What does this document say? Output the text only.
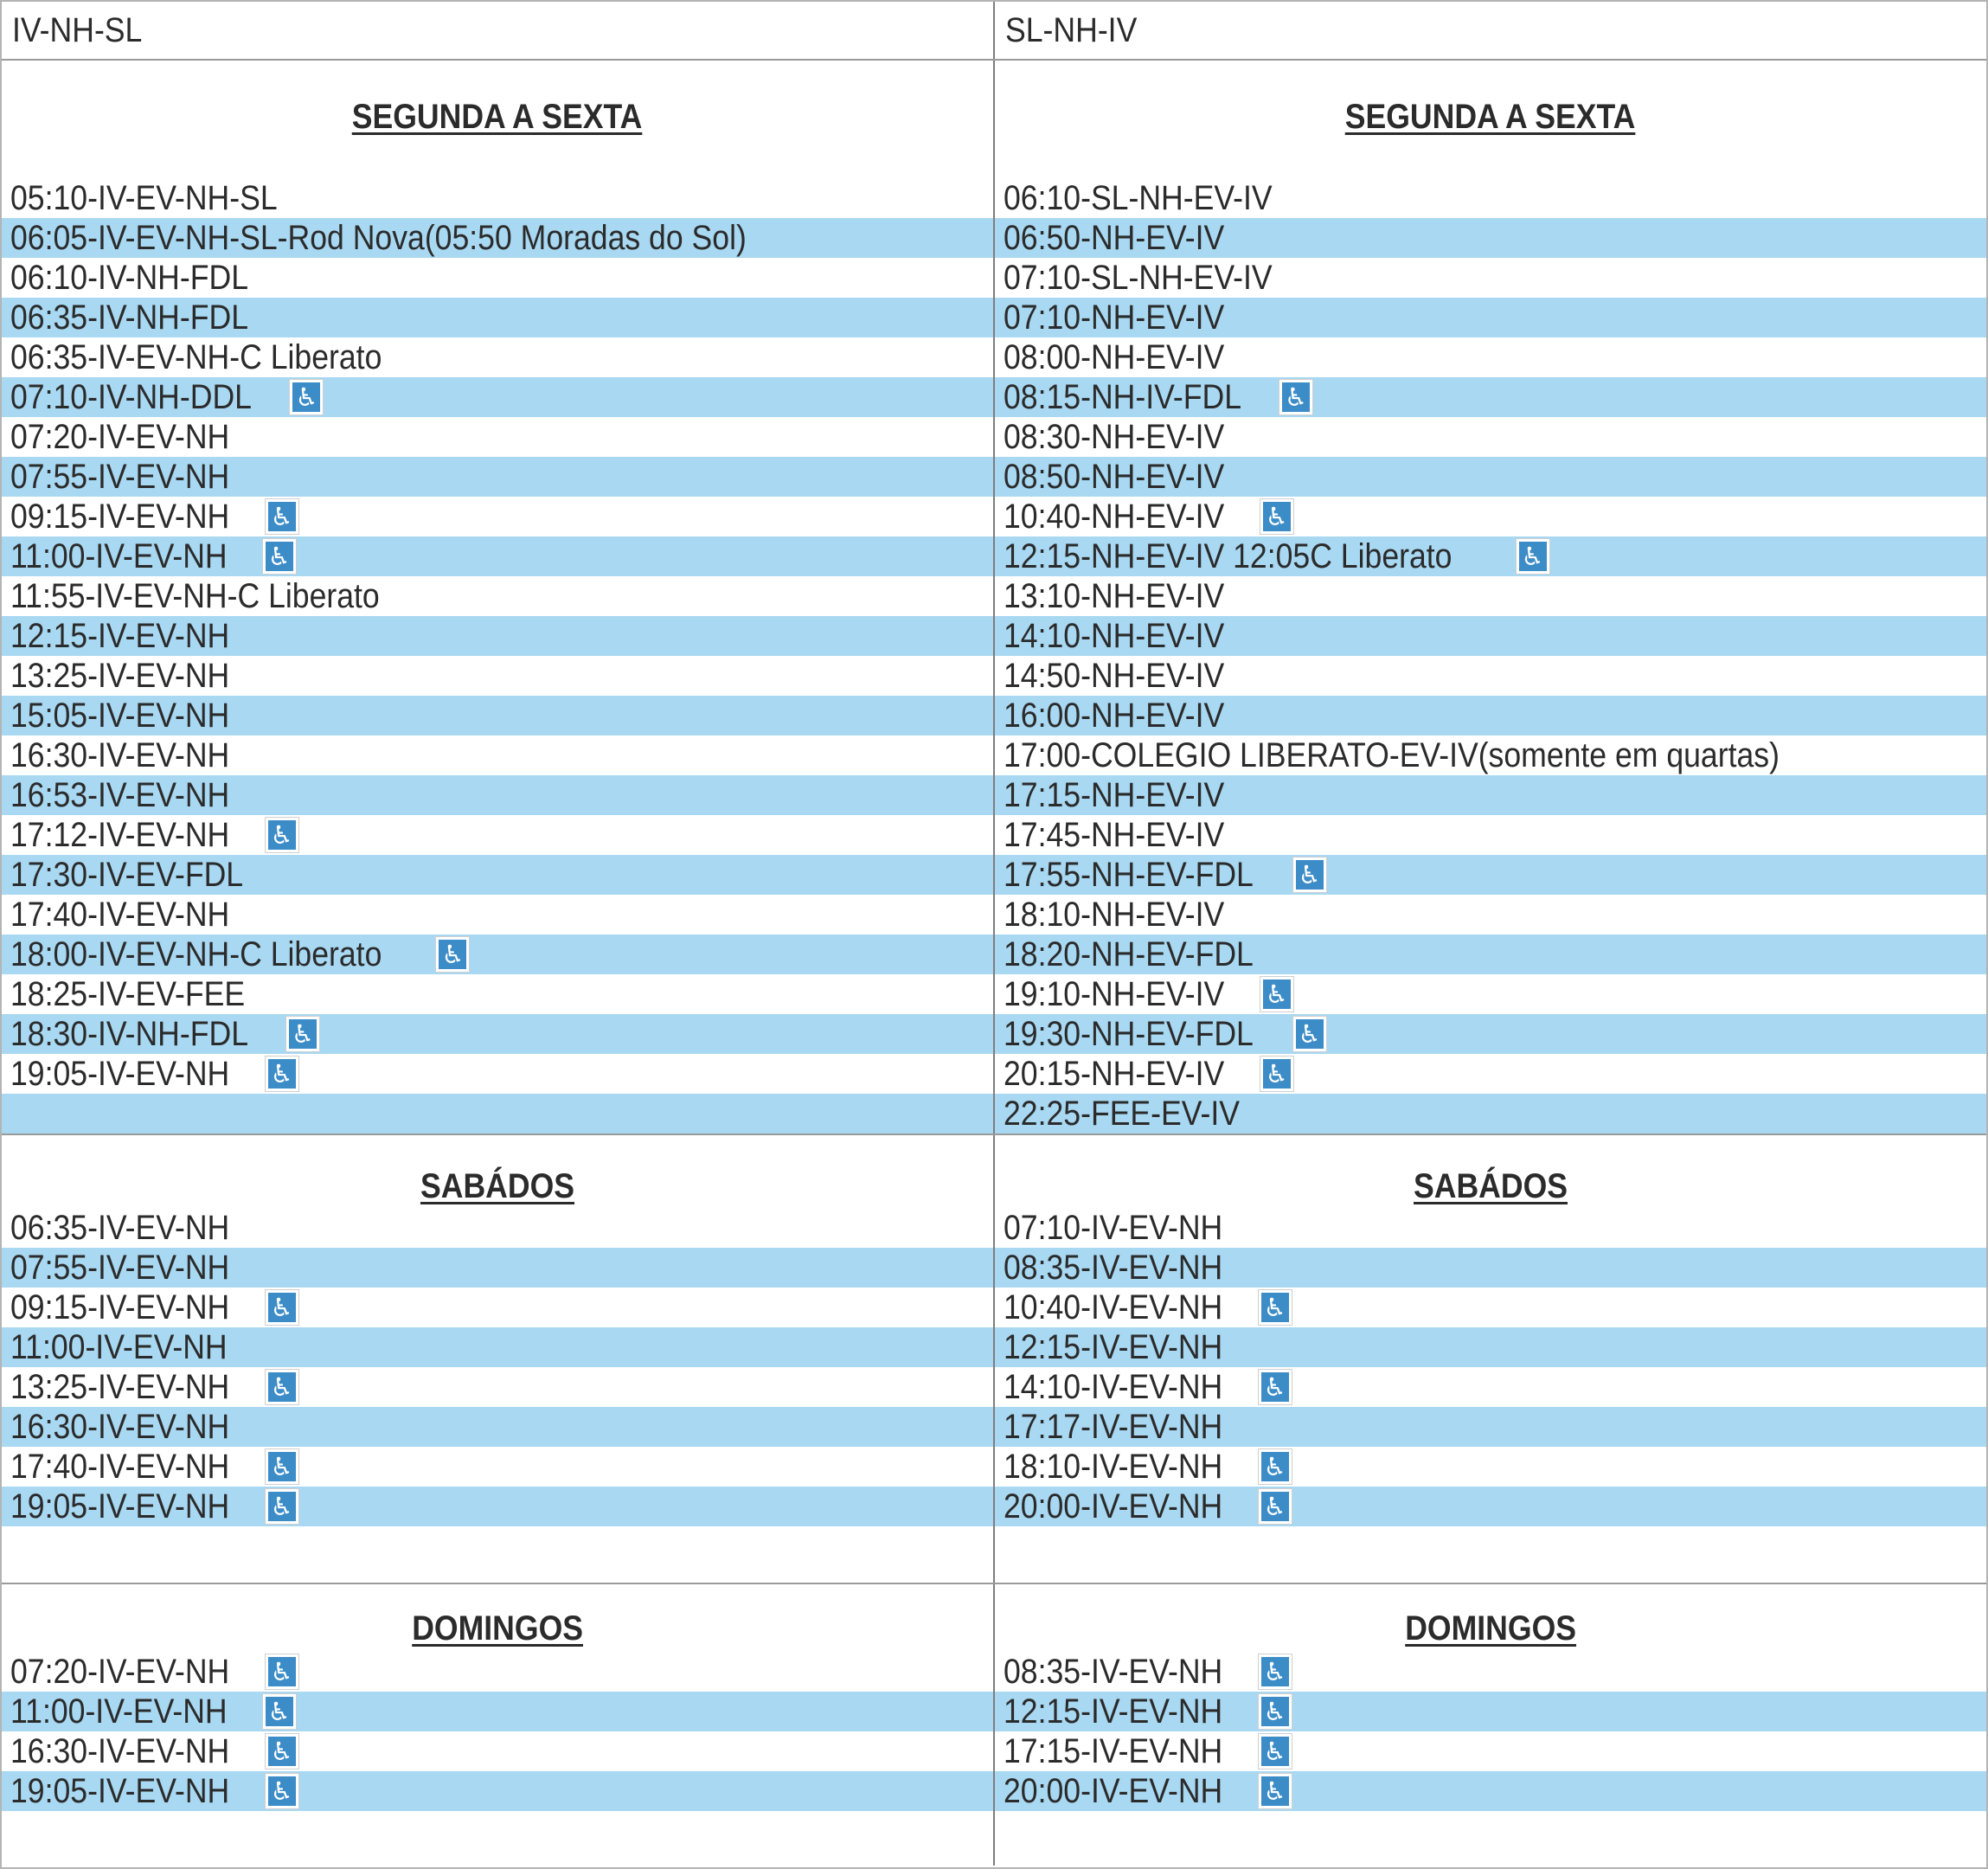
IV-NH-SL	SL-NH-IV
SEGUNDA A SEXTA
05:10-IV-EV-NH-SL
06:05-IV-EV-NH-SL-Rod Nova(05:50 Moradas do Sol)
06:10-IV-NH-FDL
06:35-IV-NH-FDL
06:35-IV-EV-NH-C Liberato
07:10-IV-NH-DDL ♿
07:20-IV-EV-NH
07:55-IV-EV-NH
09:15-IV-EV-NH ♿
11:00-IV-EV-NH ♿
11:55-IV-EV-NH-C Liberato
12:15-IV-EV-NH
13:25-IV-EV-NH
15:05-IV-EV-NH
16:30-IV-EV-NH
16:53-IV-EV-NH
17:12-IV-EV-NH ♿
17:30-IV-EV-FDL
17:40-IV-EV-NH
18:00-IV-EV-NH-C Liberato ♿
18:25-IV-EV-FEE
18:30-IV-NH-FDL ♿
19:05-IV-EV-NH ♿
SEGUNDA A SEXTA
06:10-SL-NH-EV-IV
06:50-NH-EV-IV
07:10-SL-NH-EV-IV
07:10-NH-EV-IV
08:00-NH-EV-IV
08:15-NH-IV-FDL ♿
08:30-NH-EV-IV
08:50-NH-EV-IV
10:40-NH-EV-IV ♿
12:15-NH-EV-IV 12:05C Liberato	♿
13:10-NH-EV-IV
14:10-NH-EV-IV
14:50-NH-EV-IV
16:00-NH-EV-IV
17:00-COLEGIO LIBERATO-EV-IV(somente em quartas)
17:15-NH-EV-IV
17:45-NH-EV-IV
17:55-NH-EV-FDL ♿
18:10-NH-EV-IV
18:20-NH-EV-FDL
19:10-NH-EV-IV ♿
19:30-NH-EV-FDL ♿
20:15-NH-EV-IV ♿
22:25-FEE-EV-IV
SABÁDOS
06:35-IV-EV-NH
07:55-IV-EV-NH
09:15-IV-EV-NH ♿
11:00-IV-EV-NH
13:25-IV-EV-NH ♿
16:30-IV-EV-NH
17:40-IV-EV-NH ♿
19:05-IV-EV-NH ♿
SABÁDOS
07:10-IV-EV-NH
08:35-IV-EV-NH
10:40-IV-EV-NH ♿
12:15-IV-EV-NH
14:10-IV-EV-NH ♿
17:17-IV-EV-NH
18:10-IV-EV-NH ♿
20:00-IV-EV-NH ♿
DOMINGOS
07:20-IV-EV-NH ♿
11:00-IV-EV-NH ♿
16:30-IV-EV-NH ♿
19:05-IV-EV-NH ♿
DOMINGOS
08:35-IV-EV-NH ♿
12:15-IV-EV-NH ♿
17:15-IV-EV-NH ♿
20:00-IV-EV-NH ♿
